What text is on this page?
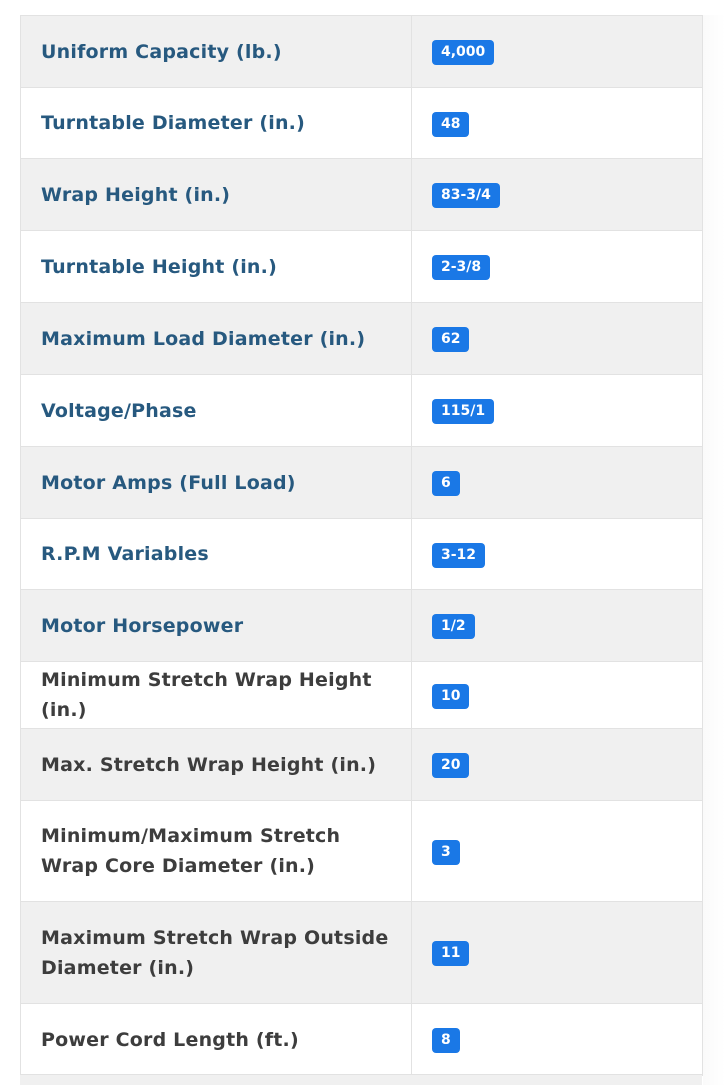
Uniform Capacity (lb.)	4,000
Turntable Diameter (in.)	48
Wrap Height (in.)	83-3/4
Turntable Height (in.)	2-3/8
Maximum Load Diameter (in.)	62
Voltage/Phase	115/1
Motor Amps (Full Load)	6
R.P.M Variables	3-12
Motor Horsepower	1/2
Minimum Stretch Wrap Height (in.)	10
Max. Stretch Wrap Height (in.)	20
Minimum/Maximum Stretch Wrap Core Diameter (in.)	3
Maximum Stretch Wrap Outside Diameter (in.)	11
Power Cord Length (ft.)	8
